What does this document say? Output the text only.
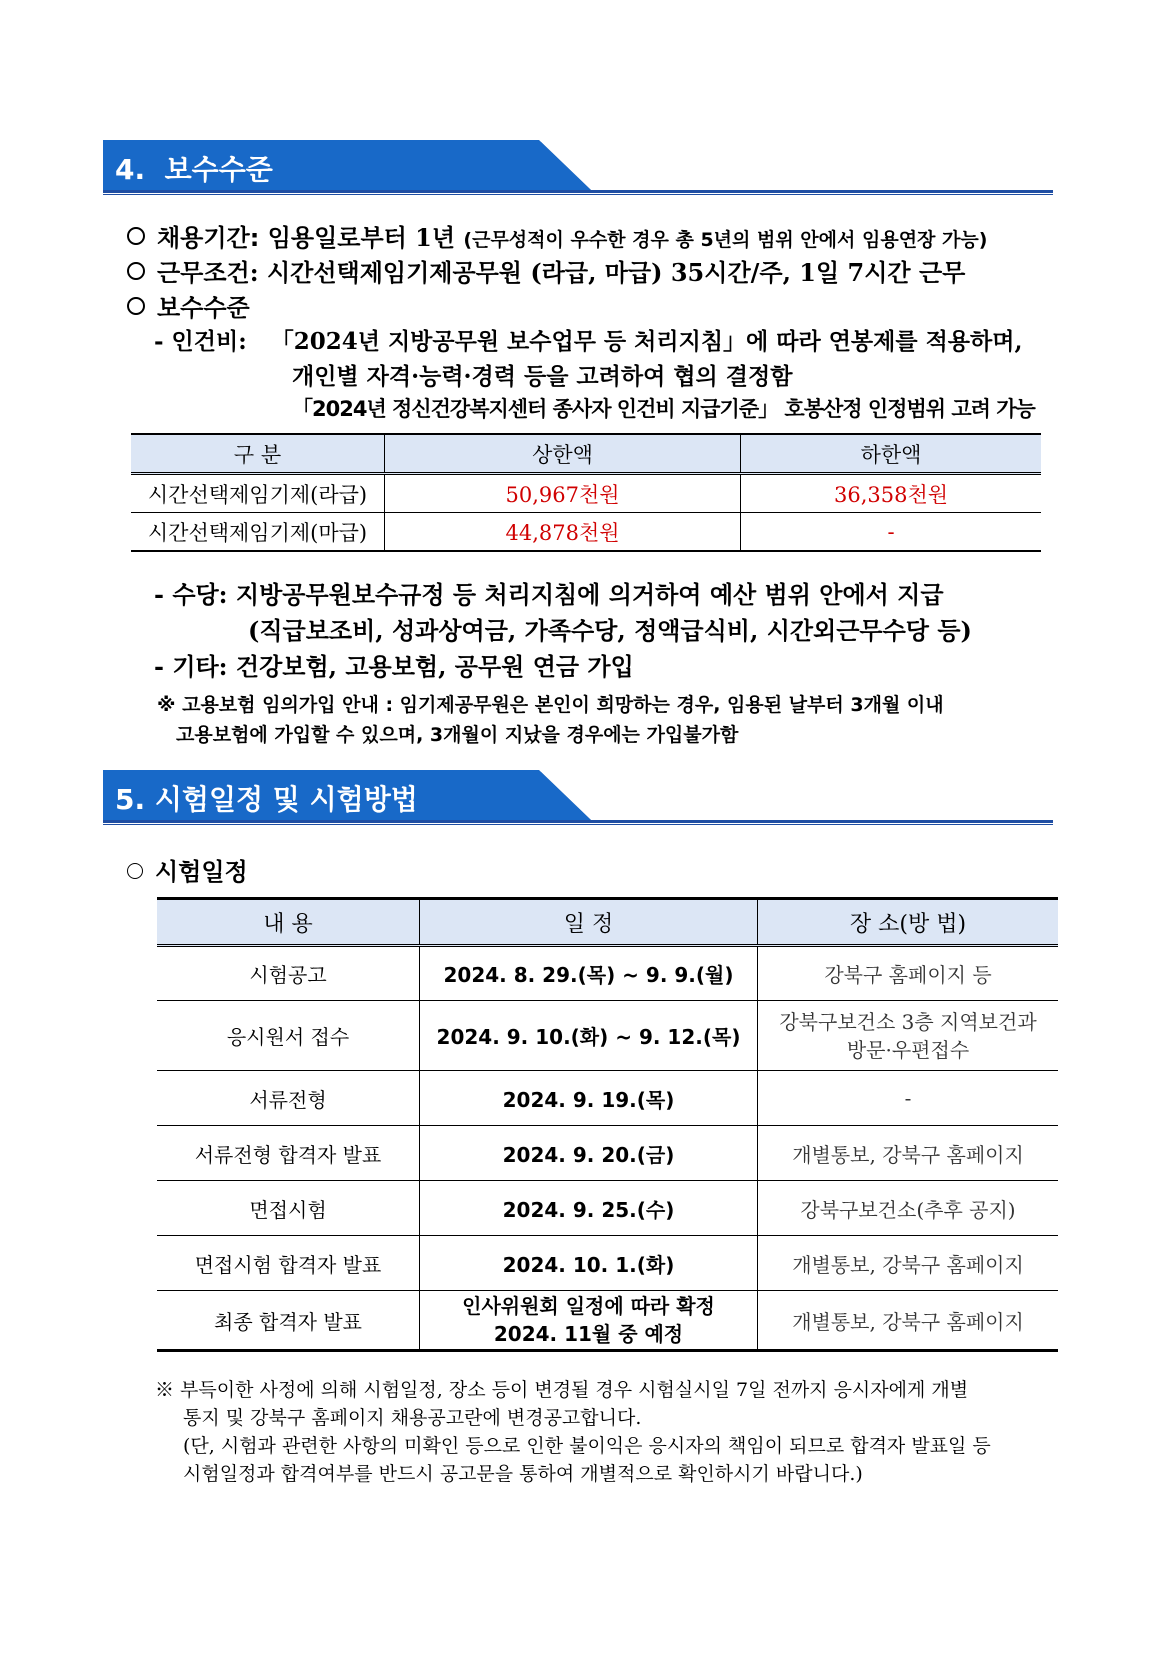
4.  보수수준
채용기간: 임용일로부터 1년 (근무성적이 우수한 경우 총 5년의 범위 안에서 임용연장 가능)
근무조건: 시간선택제임기제공무원 (라급, 마급) 35시간/주, 1일 7시간 근무
보수수준
- 인건비: 「2024년 지방공무원 보수업무 등 처리지침」에 따라 연봉제를 적용하며,
개인별 자격·능력·경력 등을 고려하여 협의 결정함
「2024년 정신건강복지센터 종사자 인건비 지급기준」 호봉산정 인정범위 고려 가능
구 분	상한액	하한액
시간선택제임기제(라급)	50,967천원	36,358천원
시간선택제임기제(마급)	44,878천원	-
- 수당: 지방공무원보수규정 등 처리지침에 의거하여 예산 범위 안에서 지급
(직급보조비, 성과상여금, 가족수당, 정액급식비, 시간외근무수당 등)
- 기타: 건강보험, 고용보험, 공무원 연금 가입
※ 고용보험 임의가입 안내 : 임기제공무원은 본인이 희망하는 경우, 임용된 날부터 3개월 이내
고용보험에 가입할 수 있으며, 3개월이 지났을 경우에는 가입불가함
5. 시험일정 및 시험방법
시험일정
내 용	일 정	장 소(방 법)
시험공고	2024. 8. 29.(목) ~ 9. 9.(월)	강북구 홈페이지 등
응시원서 접수	2024. 9. 10.(화) ~ 9. 12.(목)	강북구보건소 3층 지역보건과
방문·우편접수

서류전형	2024. 9. 19.(목)	-
서류전형 합격자 발표	2024. 9. 20.(금)	개별통보, 강북구 홈페이지
면접시험	2024. 9. 25.(수)	강북구보건소(추후 공지)
면접시험 합격자 발표	2024. 10. 1.(화)	개별통보, 강북구 홈페이지
최종 합격자 발표	인사위원회 일정에 따라 확정
2024. 11월 중 예정	개별통보, 강북구 홈페이지
※ 부득이한 사정에 의해 시험일정, 장소 등이 변경될 경우 시험실시일 7일 전까지 응시자에게 개별
통지 및 강북구 홈페이지 채용공고란에 변경공고합니다.
(단, 시험과 관련한 사항의 미확인 등으로 인한 불이익은 응시자의 책임이 되므로 합격자 발표일 등
시험일정과 합격여부를 반드시 공고문을 통하여 개별적으로 확인하시기 바랍니다.)
